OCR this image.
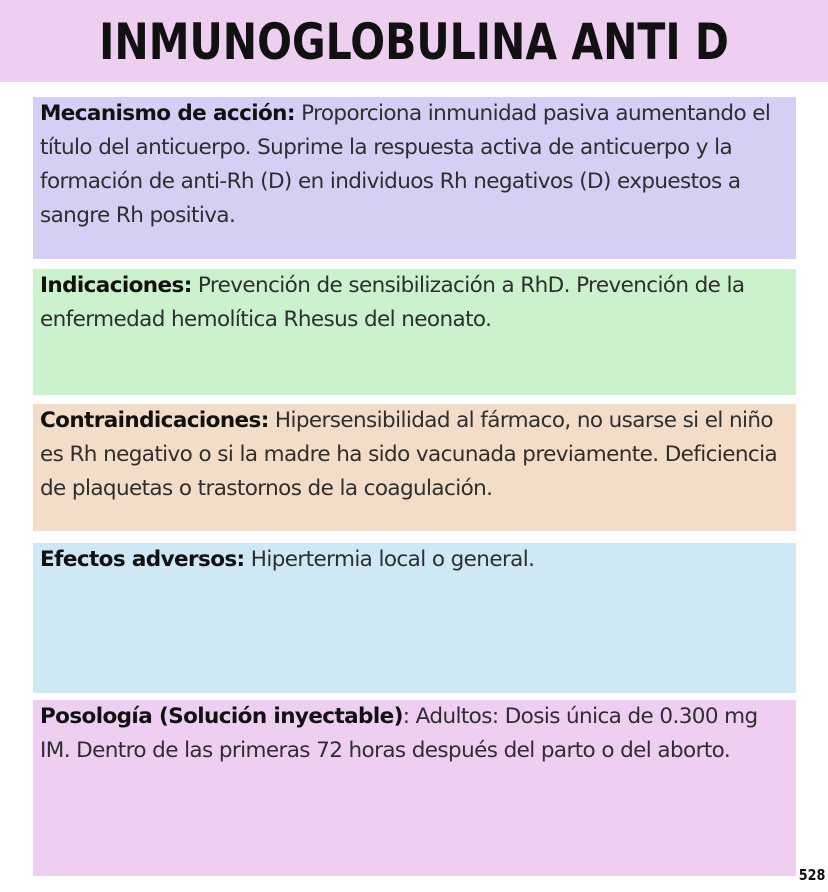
INMUNOGLOBULINA ANTI D

Mecanismo de acción: Proporciona inmunidad pasiva aumentando el título del anticuerpo. Suprime la respuesta activa de anticuerpo y la formación de anti-Rh (D) en individuos Rh negativos (D) expuestos a sangre Rh positiva.

Indicaciones: Prevención de sensibilización a RhD. Prevención de la enfermedad hemolítica Rhesus del neonato.

Contraindicaciones: Hipersensibilidad al fármaco, no usarse si el niño es Rh negativo o si la madre ha sido vacunada previamente. Deficiencia de plaquetas o trastornos de la coagulación.

Efectos adversos: Hipertermia local o general.

Posología (Solución inyectable): Adultos: Dosis única de 0.300 mg IM. Dentro de las primeras 72 horas después del parto o del aborto.

528
